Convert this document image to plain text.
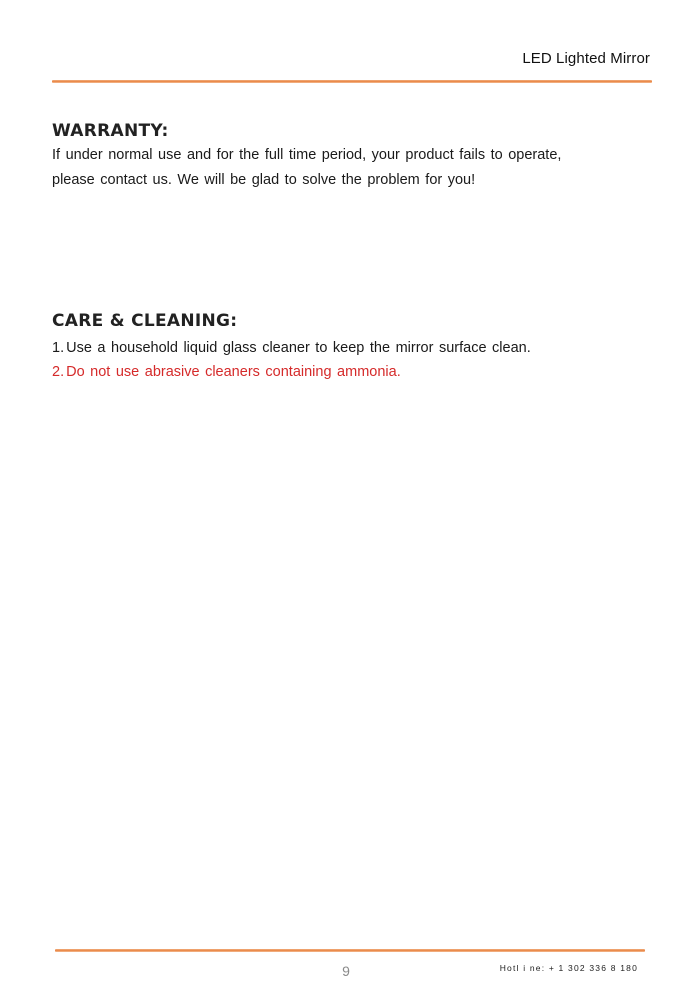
LED Lighted Mirror
WARRANTY:

If under normal use and for the full time period, your product fails to operate,
please contact us. We will be glad to solve the problem for you!

CARE & CLEANING:
1. Use a household liquid glass cleaner to keep the mirror surface clean.
2. Do not use abrasive cleaners containing ammonia.
9	Hotl i ne: + 1 302 336 8 180
